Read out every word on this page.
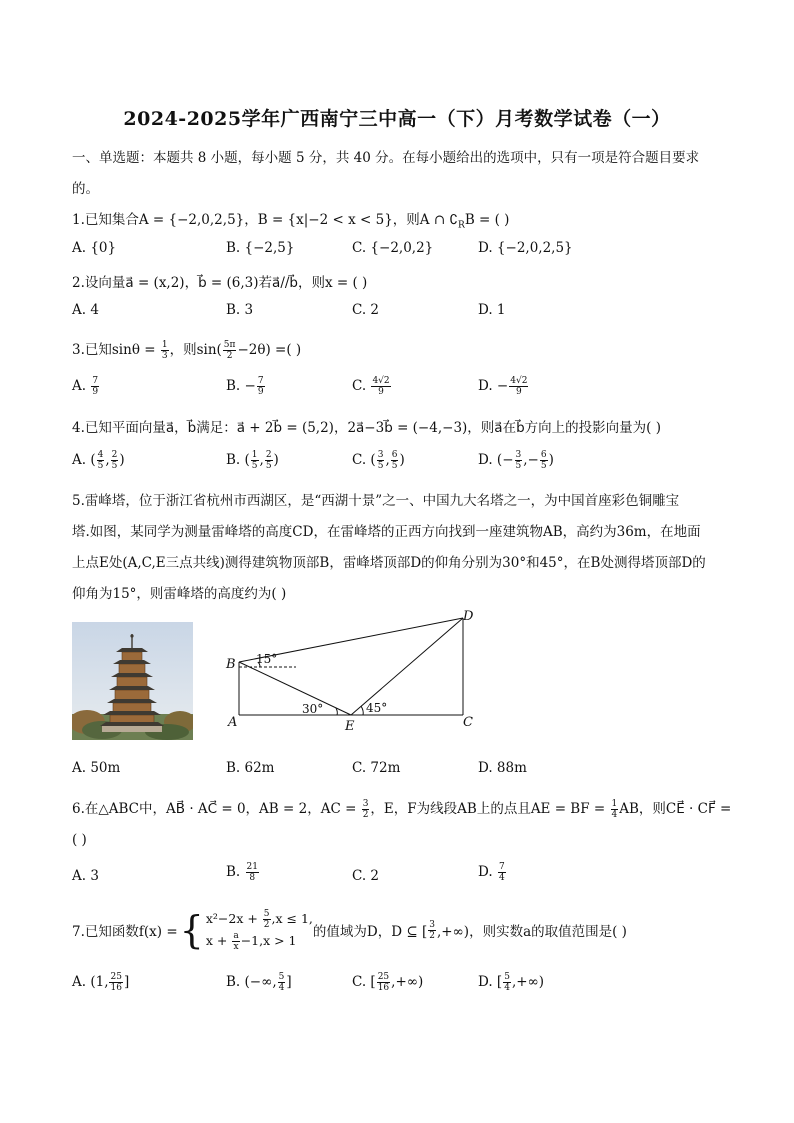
2024-2025学年广西南宁三中高一（下）月考数学试卷（一）
一、单选题：本题共 8 小题，每小题 5 分，共 40 分。在每小题给出的选项中，只有一项是符合题目要求
的。
1.已知集合A = {−2,0,2,5}，B = {x|−2 < x < 5}，则A ∩ $∁_RB$ = ( )
A. {0}	B. {−2,5}	C. {−2,0,2}	D. {−2,0,2,5}
2.设向量a⃗ = (x,2)，b⃗ = (6,3)若a⃗//b⃗，则x = ( )
A. 4	B. 3	C. 2	D. 1
3.已知$\sin\theta = \frac{1}{3}$ ，则$\sin( \frac{5\pi}{2} -2\theta)$ =( )
A. $\frac{7}{9}$	B. − $\frac{7}{9}$	C. $\frac{4√2}{9}$	D. − $\frac{4√2}{9}$
4.已知平面向量a⃗，b⃗满足：a⃗ + 2b⃗ = (5,2)，2a⃗−3b⃗ = (−4,−3)，则a⃗在b⃗方向上的投影向量为( )
A. ( $\frac{4}{5}$ , $\frac{2}{5}$ )	B. ( $\frac{1}{5}$ , $\frac{2}{5}$ )	C. ( $\frac{3}{5}$ , $\frac{6}{5}$ )	D. (− $\frac{3}{5}$ ,− $\frac{6}{5}$ )
5.雷峰塔，位于浙江省杭州市西湖区，是“西湖十景”之一、中国九大名塔之一，为中国首座彩色铜雕宝
塔.如图，某同学为测量雷峰塔的高度CD，在雷峰塔的正西方向找到一座建筑物AB，高约为36m，在地面
上点E处(A,C,E三点共线)测得建筑物顶部B，雷峰塔顶部D的仰角分别为30°和45°，在B处测得塔顶部D的
仰角为15°，则雷峰塔的高度约为( )
B
A	E	C
D
15°
30°	45°
A. 50m	B. 62m	C. 72m	D. 88m
6.在△ABC中，AB⃗ · AC⃗ = 0，AB = 2，AC = $\frac{3}{2}$ ，E，F为线段AB上的点且AE = BF = $\frac{1}{4}$ AB，则CE⃗ · CF⃗ =
( )
A. 3	B. $\frac{21}{8}$	C. 2	D. $\frac{7}{4}$
7.已知函数f(x) = { $x^2-2x + \frac{5}{2} ,x \le 1$,
$x + \frac{a}{x} -1,x > 1$
的值域为D，D ⊆ [ $\frac{3}{2}$ ,+∞)，则实数a的取值范围是( )
A. (1, $\frac{25}{16}$ ]	B. (−∞, $\frac{5}{4}$ ]	C. [ $\frac{25}{16}$ ,+∞)	D. [ $\frac{5}{4}$ ,+∞)
